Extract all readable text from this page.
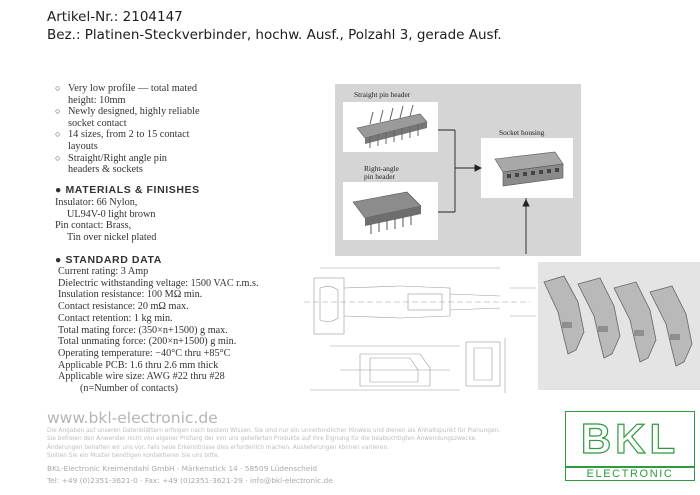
Artikel-Nr.: 2104147
Bez.: Platinen-Steckverbinder, hochw. Ausf., Polzahl 3, gerade Ausf.
○ Very low profile — total mated
height: 10mm
○ Newly designed, highly reliable
socket contact
○ 14 sizes, from 2 to 15 contact
layouts
○ Straight/Right angle pin
headers & sockets
● MATERIALS & FINISHES
Insulator: 66 Nylon,
UL94V-0 light brown
Pin contact: Brass,
Tin over nickel plated
● STANDARD DATA
Current rating: 3 Amp
Dielectric withstanding veltage: 1500 VAC r.m.s.
Insulation resistance: 100 MΩ min.
Contact resistance: 20 mΩ max.
Contact retention: 1 kg min.
Total mating force: (350×n+1500) g max.
Total unmating force: (200×n+1500) g min.
Operating temperature: −40°C thru +85°C
Applicable PCB: 1.6 thru 2.6 mm thick
Applicable wire size: AWG #22 thru #28
(n=Number of contacts)
Straight pin header
Socket housing
Right-angle
pin header
www.bkl-electronic.de
Die Angaben auf unseren Datenblättern erfolgen nach bestem Wissen. Sie sind nur ein unverbindlicher Hinweis und dienen als Anhaltspunkt für Planungen.
Sie befreien den Anwender nicht von eigener Prüfung der von uns gelieferten Produkte auf ihre Eignung für die beabsichtigten Anwendungszwecke.
Änderungen behalten wir uns vor, falls neue Erkenntnisse dies erforderlich machen. Auslieferungen können variieren.
Sollten Sie ein Muster benötigen kontaktieren Sie uns bitte.
BKL-Electronic Kreimendahl GmbH · Märkenstick 14 · 58509 Lüdenscheid
Tel: +49 (0)2351-3621-0 · Fax: +49 (0)2351-3621-29 · info@bkl-electronic.de
BKL
ELECTRONIC
